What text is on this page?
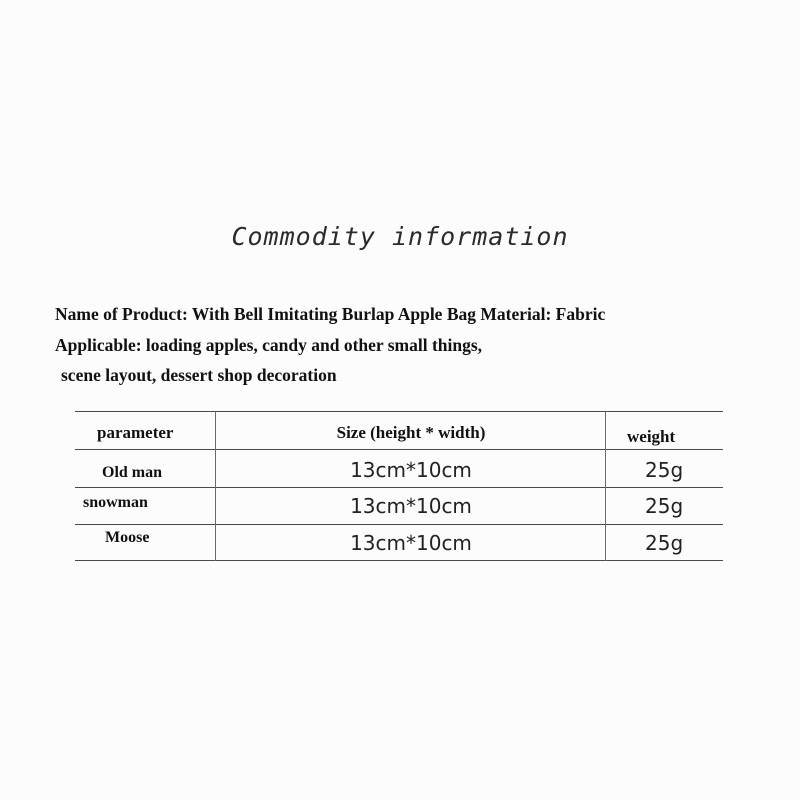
Commodity information
Name of Product: With Bell Imitating Burlap Apple Bag Material: Fabric
Applicable: loading apples, candy and other small things,
scene layout, dessert shop decoration
parameter	Size (height * width)	weight
Old man	13cm*10cm	25g
snowman	13cm*10cm	25g
Moose	13cm*10cm	25g
